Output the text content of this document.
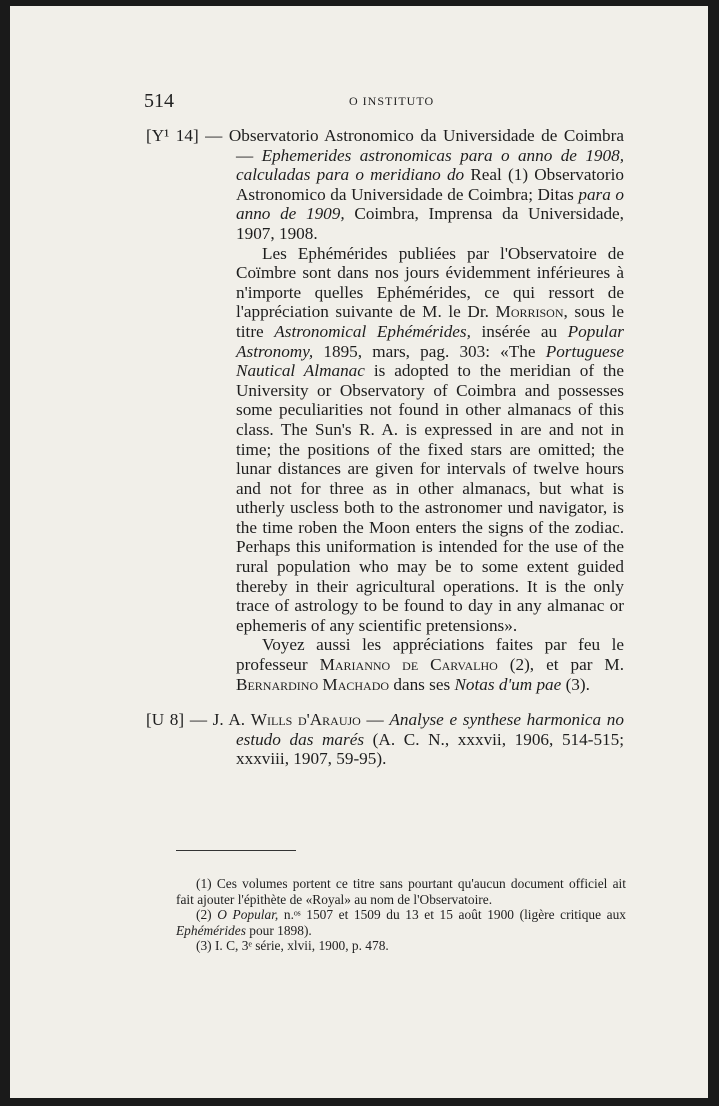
514	O INSTITUTO

[Y¹ 14] — Observatorio Astronomico da Universidade de Coimbra — Ephemerides astronomicas para o anno de 1908, calculadas para o meridiano do Real (1) Observatorio Astronomico da Universidade de Coimbra; Ditas para o anno de 1909, Coimbra, Imprensa da Universidade, 1907, 1908.

Les Ephémérides publiées par l'Observatoire de Coïmbre sont dans nos jours évidemment inférieures à n'importe quelles Ephémérides, ce qui ressort de l'appréciation suivante de M. le Dr. Morrison, sous le titre Astronomical Ephémérides, insérée au Popular Astronomy, 1895, mars, pag. 303: «The Portuguese Nautical Almanac is adopted to the meridian of the University or Observatory of Coimbra and possesses some peculiarities not found in other almanacs of this class. The Sun's R. A. is expressed in are and not in time; the positions of the fixed stars are omitted; the lunar distances are given for intervals of twelve hours and not for three as in other almanacs, but what is utherly uscless both to the astronomer und navigator, is the time roben the Moon enters the signs of the zodiac. Perhaps this uniformation is intended for the use of the rural population who may be to some extent guided thereby in their agricultural operations. It is the only trace of astrology to be found to day in any almanac or ephemeris of any scientific pretensions».

Voyez aussi les appréciations faites par feu le professeur Marianno de Carvalho (2), et par M. Bernardino Machado dans ses Notas d'um pae (3).

[U 8] — J. A. Wills d'Araujo — Analyse e synthese harmonica no estudo das marés (A. C. N., xxxvii, 1906, 514-515; xxxviii, 1907, 59-95).

(1) Ces volumes portent ce titre sans pourtant qu'aucun document officiel ait fait ajouter l'épithète de «Royal» au nom de l'Observatoire.

(2) O Popular, n.ᵒˢ 1507 et 1509 du 13 et 15 août 1900 (ligère critique aux Ephémérides pour 1898).

(3) I. C, 3ᵉ série, xlvii, 1900, p. 478.
